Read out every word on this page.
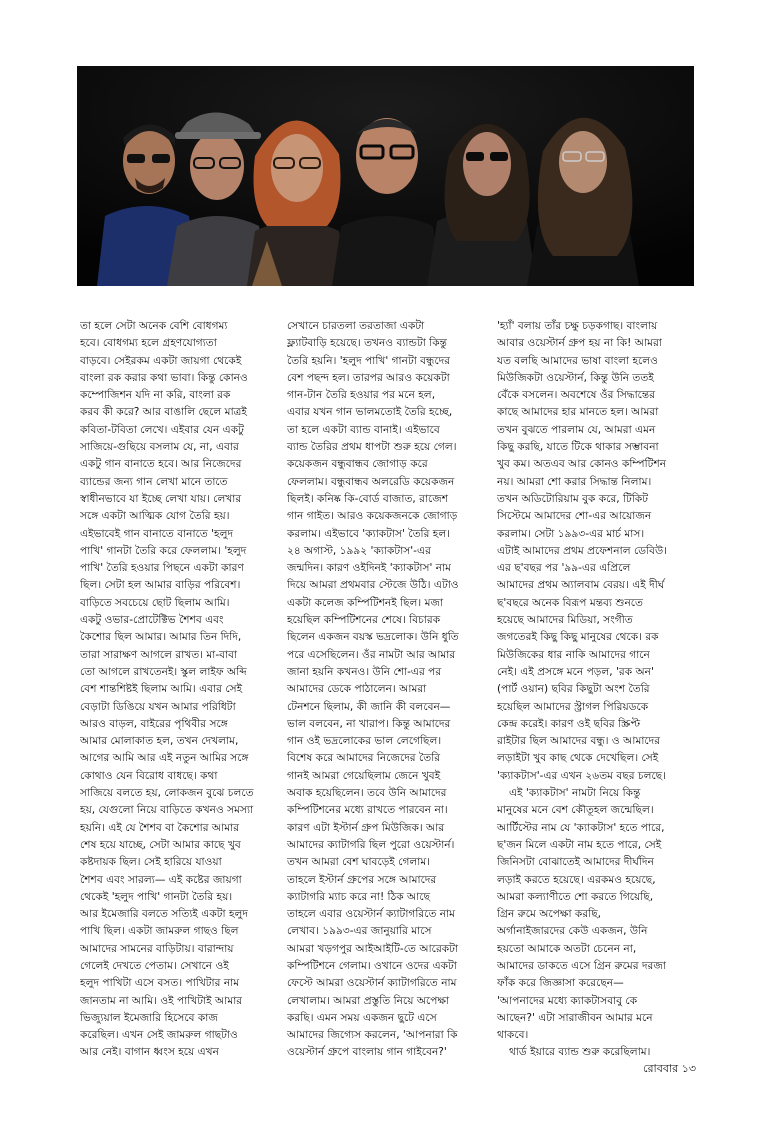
তা হলে সেটা অনেক বেশি বোধগম্য
হবে। বোধগম্য হলে গ্রহণযোগ্যতা
বাড়বে। সেইরকম একটা জায়গা থেকেই
বাংলা রক করার কথা ভাবা। কিন্তু কোনও
কম্পোজিশন যদি না করি, বাংলা রক
করব কী করে? আর বাঙালি ছেলে মাত্রই
কবিতা-টবিতা লেখে। এইবার যেন একটু
সাজিয়ে-গুছিয়ে বসলাম যে, না, এবার
একটু গান বানাতে হবে। আর নিজেদের
ব্যান্ডের জন্য গান লেখা মানে তাতে
স্বাধীনভাবে যা ইচ্ছে লেখা যায়। লেখার
সঙ্গে একটা আত্মিক যোগ তৈরি হয়।
এইভাবেই গান বানাতে বানাতে 'হলুদ
পাখি' গানটা তৈরি করে ফেললাম। 'হলুদ
পাখি' তৈরি হওয়ার পিছনে একটা কারণ
ছিল। সেটা হল আমার বাড়ির পরিবেশ।
বাড়িতে সবচেয়ে ছোট ছিলাম আমি।
একটু ওভার-প্রোটেক্টিভ শৈশব এবং
কৈশোর ছিল আমার। আমার তিন দিদি,
তারা সারাক্ষণ আগলে রাখত। মা-বাবা
তো আগলে রাখতেনই। স্কুল লাইফ অব্দি
বেশ শান্তশিষ্টই ছিলাম আমি। এবার সেই
বেড়াটা ডিঙিয়ে যখন আমার পরিধিটা
আরও বাড়ল, বাইরের পৃথিবীর সঙ্গে
আমার মোলাকাত হল, তখন দেখলাম,
আগের আমি আর এই নতুন আমির সঙ্গে
কোথাও যেন বিরোধ বাধছে। কথা
সাজিয়ে বলতে হয়, লোকজন বুঝে চলতে
হয়, যেগুলো নিয়ে বাড়িতে কখনও সমস্যা
হয়নি। এই যে শৈশব বা কৈশোর আমার
শেষ হয়ে যাচ্ছে, সেটা আমার কাছে খুব
কষ্টদায়ক ছিল। সেই হারিয়ে যাওয়া
শৈশব এবং সারল্য— এই কষ্টের জায়গা
থেকেই 'হলুদ পাখি' গানটা তৈরি হয়।
আর ইমেজারি বলতে সত্যিই একটা হলুদ
পাখি ছিল। একটা জামরুল গাছও ছিল
আমাদের সামনের বাড়িটায়। বারান্দায়
গেলেই দেখতে পেতাম। সেখানে ওই
হলুদ পাখিটা এসে বসত। পাখিটার নাম
জানতাম না আমি। ওই পাখিটাই আমার
ভিজ্যুয়াল ইমেজারি হিসেবে কাজ
করেছিল। এখন সেই জামরুল গাছটাও
আর নেই। বাগান ধ্বংস হয়ে এখন
সেখানে চারতলা তরতাজা একটা
ফ্ল্যাটবাড়ি হয়েছে। তখনও ব্যান্ডটা কিন্তু
তৈরি হয়নি। 'হলুদ পাখি' গানটা বন্ধুদের
বেশ পছন্দ হল। তারপর আরও কয়েকটা
গান-টান তৈরি হওয়ার পর মনে হল,
এবার যখন গান ভালমতোই তৈরি হচ্ছে,
তা হলে একটা ব্যান্ড বানাই। এইভাবে
ব্যান্ড তৈরির প্রথম ধাপটা শুরু হয়ে গেল।
কয়েকজন বন্ধুবান্ধব জোগাড় করে
ফেললাম। বন্ধুবান্ধব অলরেডি কয়েকজন
ছিলই। কনিষ্ক কি-বোর্ড বাজাত, রাজেশ
গান গাইত। আরও কয়েকজনকে জোগাড়
করলাম। এইভাবে 'ক্যাকটাস' তৈরি হল।
২৪ অগাস্ট, ১৯৯২ 'ক্যাকটাস'-এর
জন্মদিন। কারণ ওইদিনই 'ক্যাকটাস' নাম
দিয়ে আমরা প্রথমবার স্টেজে উঠি। এটাও
একটা কলেজ কম্পিটিশনই ছিল। মজা
হয়েছিল কম্পিটিশনের শেষে। বিচারক
ছিলেন একজন বয়স্ক ভদ্রলোক। উনি ধুতি
পরে এসেছিলেন। ওঁর নামটা আর আমার
জানা হয়নি কখনও। উনি শো-এর পর
আমাদের ডেকে পাঠালেন। আমরা
টেনশনে ছিলাম, কী জানি কী বলবেন—
ভাল বলবেন, না খারাপ। কিন্তু আমাদের
গান ওই ভদ্রলোকের ভাল লেগেছিল।
বিশেষ করে আমাদের নিজেদের তৈরি
গানই আমরা গেয়েছিলাম জেনে খুবই
অবাক হয়েছিলেন। তবে উনি আমাদের
কম্পিটিশনের মধ্যে রাখতে পারবেন না।
কারণ এটা ইস্টার্ন গ্রুপ মিউজিক। আর
আমাদের ক্যাটাগরি ছিল পুরো ওয়েস্টার্ন।
তখন আমরা বেশ ঘাবড়েই গেলাম।
তাহলে ইস্টার্ন গ্রুপের সঙ্গে আমাদের
ক্যাটাগরি ম্যাচ করে না! ঠিক আছে
তাহলে এবার ওয়েস্টার্ন ক্যাটাগরিতে নাম
লেখাব। ১৯৯৩-এর জানুয়ারি মাসে
আমরা খড়গপুর আইআইটি-তে আরেকটা
কম্পিটিশনে গেলাম। ওখানে ওদের একটা
ফেস্টে আমরা ওয়েস্টার্ন ক্যাটাগরিতে নাম
লেখালাম। আমরা প্রস্তুতি নিয়ে অপেক্ষা
করছি। এমন সময় একজন ছুটে এসে
আমাদের জিগ্যেস করলেন, 'আপনারা কি
ওয়েস্টার্ন গ্রুপে বাংলায় গান গাইবেন?'
'হ্যাঁ' বলায় তাঁর চক্ষু চড়কগাছ। বাংলায়
আবার ওয়েস্টার্ন গ্রুপ হয় না কি! আমরা
যত বলছি আমাদের ভাষা বাংলা হলেও
মিউজিকটা ওয়েস্টার্ন, কিন্তু উনি ততই
বেঁকে বসলেন। অবশেষে ওঁর সিদ্ধান্তের
কাছে আমাদের হার মানতে হল। আমরা
তখন বুঝতে পারলাম যে, আমরা এমন
কিছু করছি, যাতে টিকে থাকার সম্ভাবনা
খুব কম। অতএব আর কোনও কম্পিটিশন
নয়। আমরা শো করার সিদ্ধান্ত নিলাম।
তখন অডিটোরিয়াম বুক করে, টিকিট
সিস্টেমে আমাদের শো-এর আয়োজন
করলাম। সেটা ১৯৯৩-এর মার্চ মাস।
এটাই আমাদের প্রথম প্রফেশনাল ডেবিউ।
এর ছ'বছর পর '৯৯-এর এপ্রিলে
আমাদের প্রথম অ্যালবাম বেরয়। এই দীর্ঘ
ছ'বছরে অনেক বিরূপ মন্তব্য শুনতে
হয়েছে আমাদের মিডিয়া, সংগীত
জগতেরই কিছু কিছু মানুষের থেকে। রক
মিউজিকের ধার নাকি আমাদের গানে
নেই। এই প্রসঙ্গে মনে পড়ল, 'রক অন'
(পার্ট ওয়ান) ছবির কিছুটা অংশ তৈরি
হয়েছিল আমাদের স্ট্রাগল পিরিয়ডকে
কেন্দ্র করেই। কারণ ওই ছবির স্ক্রিপ্ট
রাইটার ছিল আমাদের বন্ধু। ও আমাদের
লড়াইটা খুব কাছ থেকে দেখেছিল। সেই
'ক্যাকটাস'-এর এখন ২৬তম বছর চলছে।
এই 'ক্যাকটাস' নামটা নিয়ে কিন্তু
মানুষের মনে বেশ কৌতূহল জন্মেছিল।
আর্টিস্টের নাম যে 'ক্যাকটাস' হতে পারে,
ছ'জন মিলে একটা নাম হতে পারে, সেই
জিনিসটা বোঝাতেই আমাদের দীর্ঘদিন
লড়াই করতে হয়েছে। এরকমও হয়েছে,
আমরা কল্যাণীতে শো করতে গিয়েছি,
গ্রিন রুমে অপেক্ষা করছি,
অর্গানাইজারদের কেউ একজন, উনি
হয়তো আমাকে অতটা চেনেন না,
আমাদের ডাকতে এসে গ্রিন রুমের দরজা
ফাঁক করে জিজ্ঞাসা করেছেন—
'আপনাদের মধ্যে ক্যাকটাসবাবু কে
আছেন?' এটা সারাজীবন আমার মনে
থাকবে।
থার্ড ইয়ারে ব্যান্ড শুরু করেছিলাম।
রোববার ১৩
